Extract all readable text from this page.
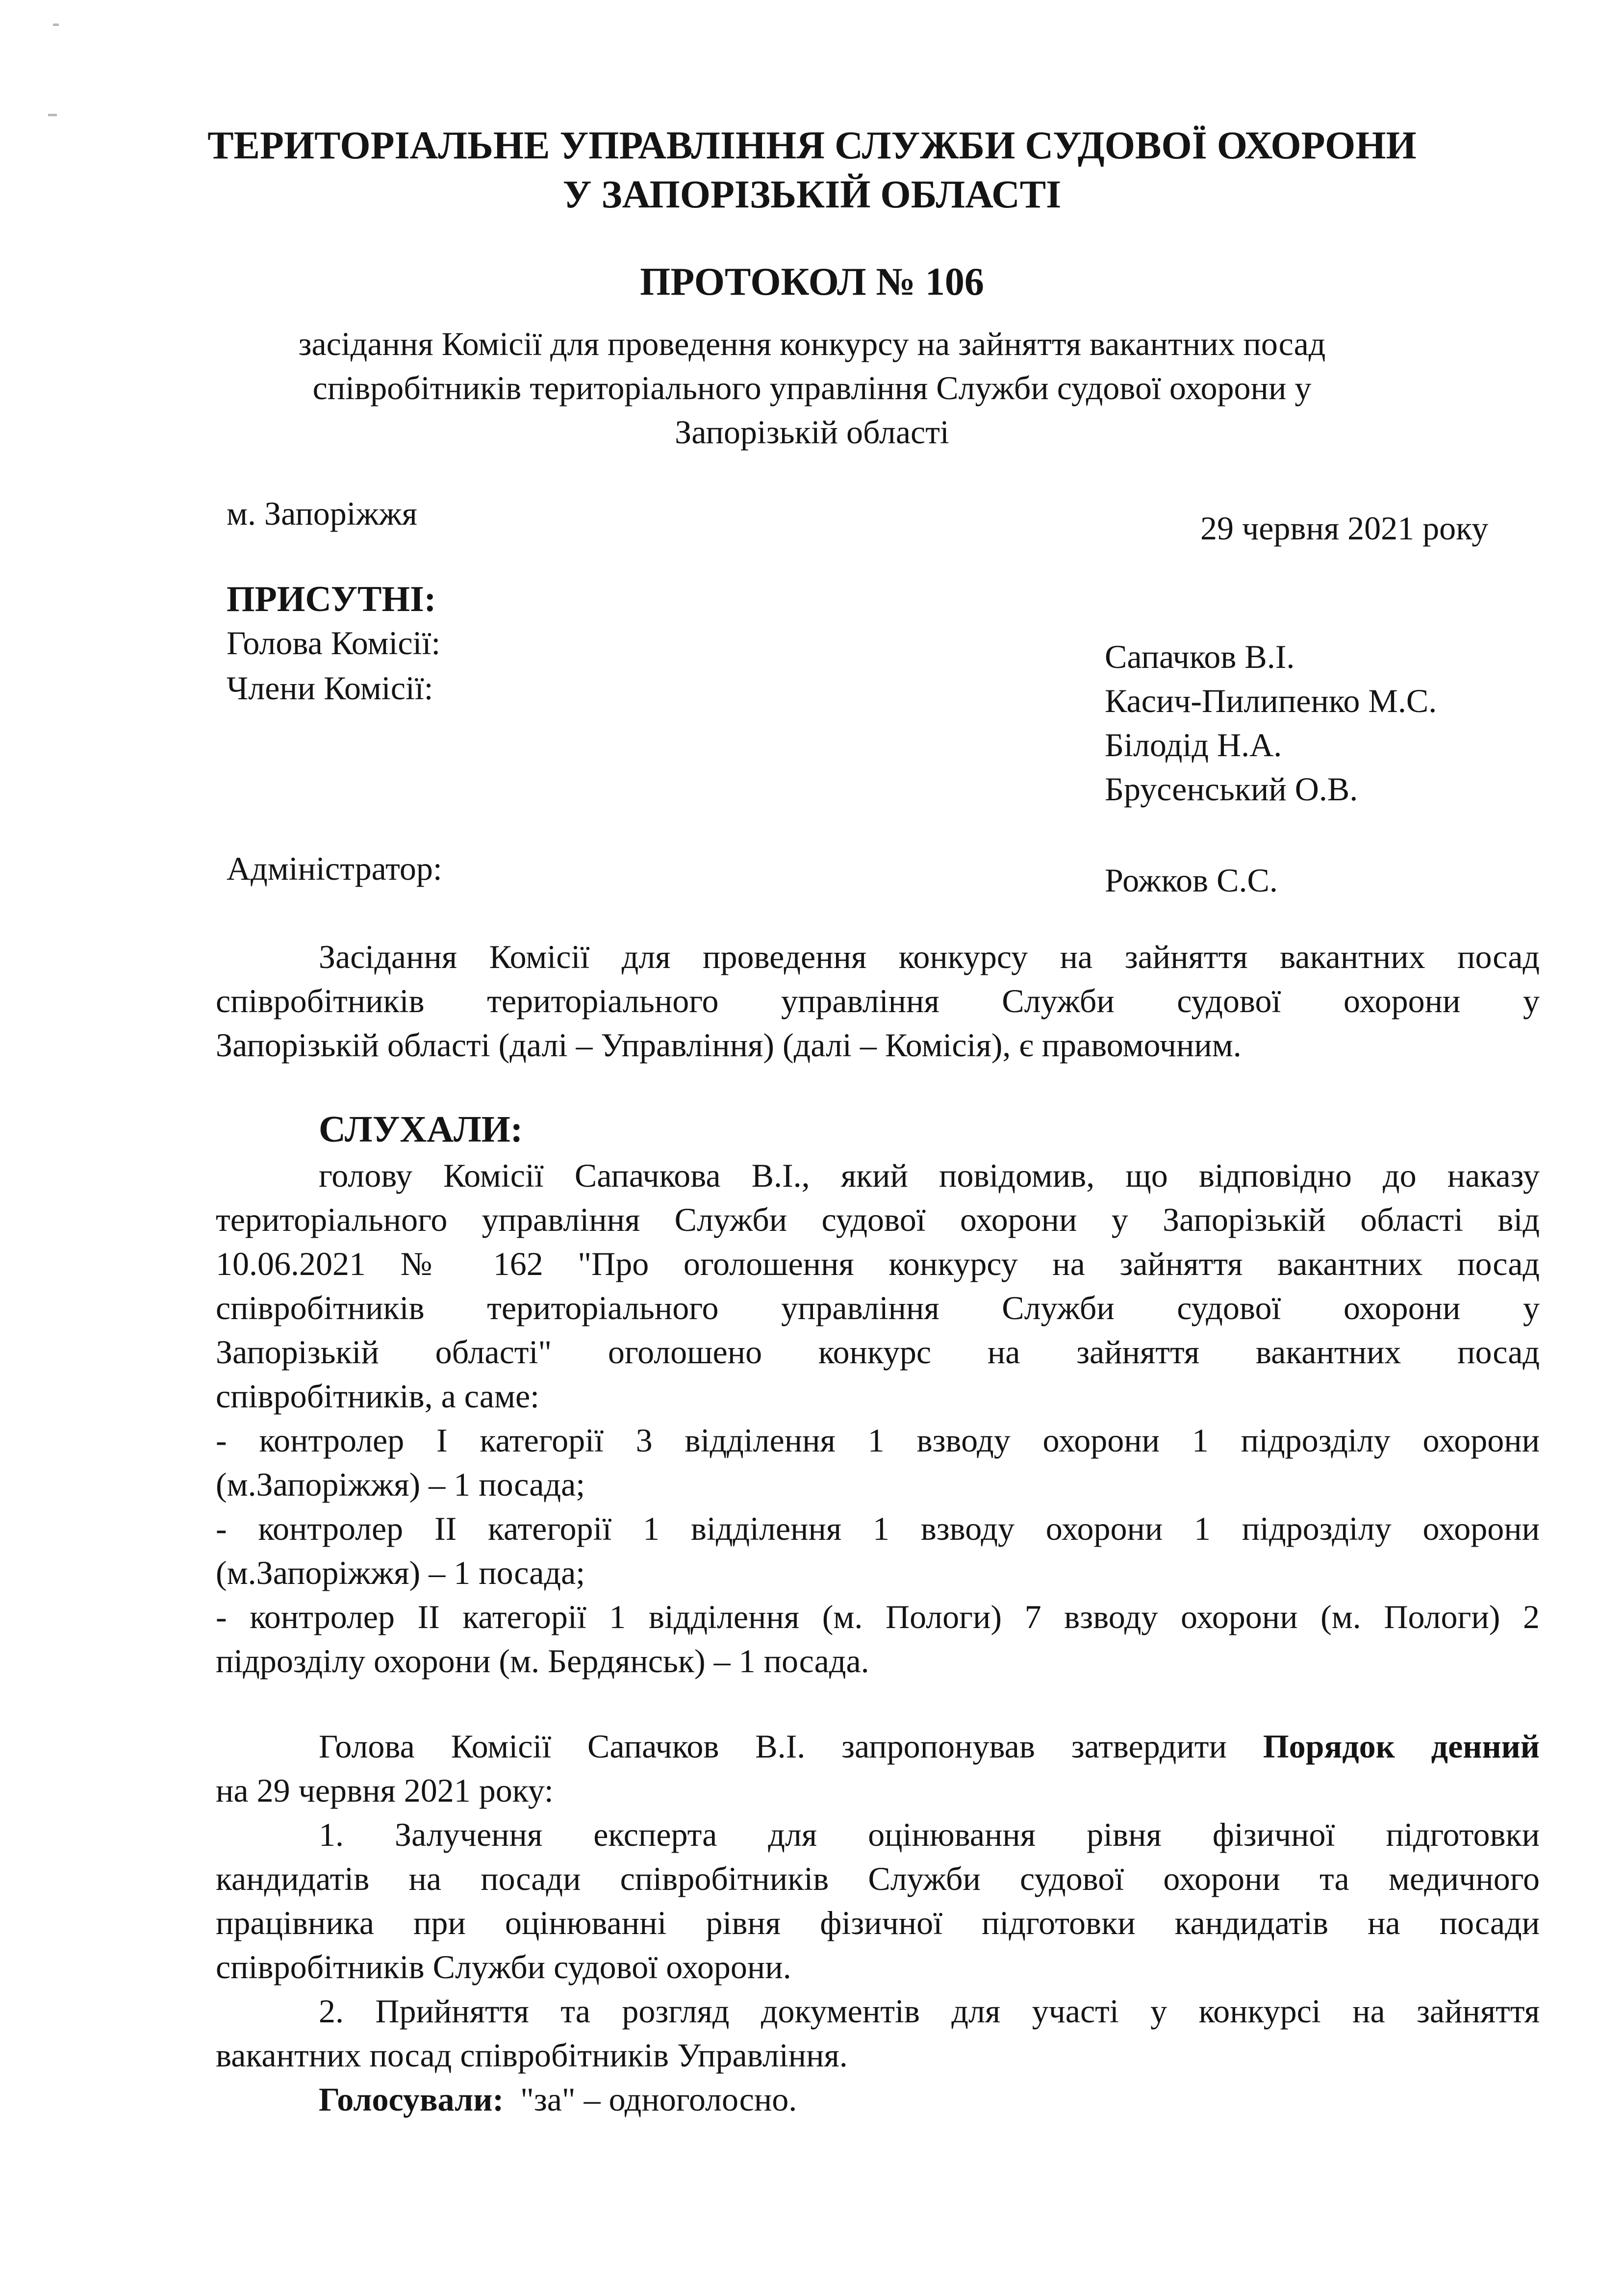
ТЕРИТОРІАЛЬНЕ УПРАВЛІННЯ СЛУЖБИ СУДОВОЇ ОХОРОНИ
У ЗАПОРІЗЬКІЙ ОБЛАСТІ
ПРОТОКОЛ № 106
засідання Комісії для проведення конкурсу на зайняття вакантних посад
співробітників територіального управління Служби судової охорони у
Запорізькій області
м. Запоріжжя	29 червня 2021 року
ПРИСУТНІ:
Голова Комісії:
Члени Комісії:
Сапачков В.І.
Касич-Пилипенко М.С.
Білодід Н.А.
Брусенський О.В.
Адміністратор:	Рожков С.С.
Засідання Комісії для проведення конкурсу на зайняття вакантних посад
співробітників територіального управління Служби судової охорони у
Запорізькій області (далі – Управління) (далі – Комісія), є правомочним.
СЛУХАЛИ:
голову Комісії Сапачкова В.І., який повідомив, що відповідно до наказу
територіального управління Служби судової охорони у Запорізькій області від
10.06.2021 № 162 "Про оголошення конкурсу на зайняття вакантних посад
співробітників територіального управління Служби судової охорони у
Запорізькій області" оголошено конкурс на зайняття вакантних посад
співробітників, а саме:
- контролер І категорії 3 відділення 1 взводу охорони 1 підрозділу охорони
(м.Запоріжжя) – 1 посада;
- контролер ІІ категорії 1 відділення 1 взводу охорони 1 підрозділу охорони
(м.Запоріжжя) – 1 посада;
- контролер ІІ категорії 1 відділення (м. Пологи) 7 взводу охорони (м. Пологи) 2
підрозділу охорони (м. Бердянськ) – 1 посада.
Голова Комісії Сапачков В.І. запропонував затвердити Порядок денний
на 29 червня 2021 року:
1. Залучення експерта для оцінювання рівня фізичної підготовки
кандидатів на посади співробітників Служби судової охорони та медичного
працівника при оцінюванні рівня фізичної підготовки кандидатів на посади
співробітників Служби судової охорони.
2. Прийняття та розгляд документів для участі у конкурсі на зайняття
вакантних посад співробітників Управління.
Голосували: "за" – одноголосно.
